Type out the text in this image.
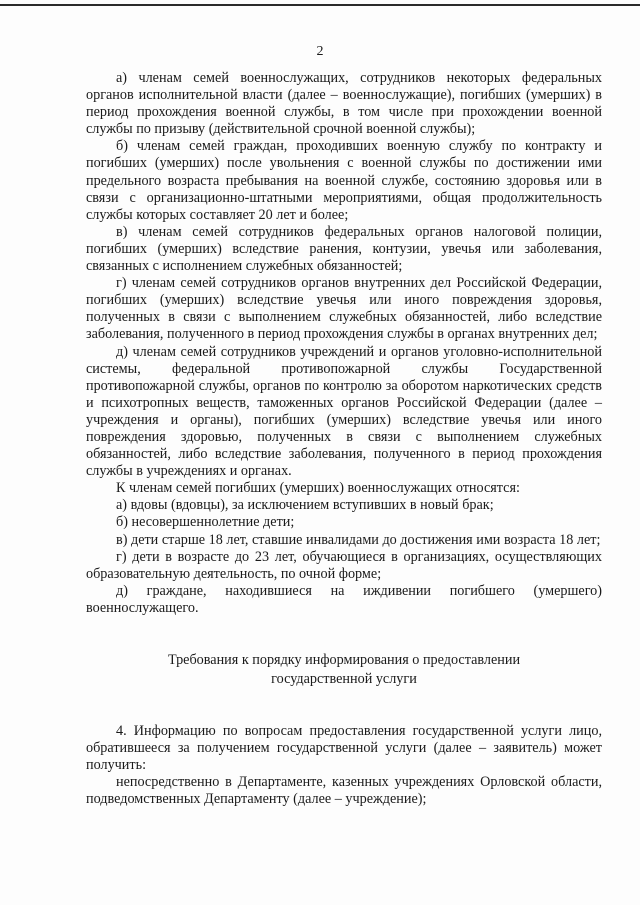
2

а) членам семей военнослужащих, сотрудников некоторых федеральных органов исполнительной власти (далее – военнослужащие), погибших (умерших) в период прохождения военной службы, в том числе при прохождении военной службы по призыву (действительной срочной военной службы);

б) членам семей граждан, проходивших военную службу по контракту и погибших (умерших) после увольнения с военной службы по достижении ими предельного возраста пребывания на военной службе, состоянию здоровья или в связи с организационно-штатными мероприятиями, общая продолжительность службы которых составляет 20 лет и более;

в) членам семей сотрудников федеральных органов налоговой полиции, погибших (умерших) вследствие ранения, контузии, увечья или заболевания, связанных с исполнением служебных обязанностей;

г) членам семей сотрудников органов внутренних дел Российской Федерации, погибших (умерших) вследствие увечья или иного повреждения здоровья, полученных в связи с выполнением служебных обязанностей, либо вследствие заболевания, полученного в период прохождения службы в органах внутренних дел;

д) членам семей сотрудников учреждений и органов уголовно-исполнительной системы, федеральной противопожарной службы Государственной противопожарной службы, органов по контролю за оборотом наркотических средств и психотропных веществ, таможенных органов Российской Федерации (далее – учреждения и органы), погибших (умерших) вследствие увечья или иного повреждения здоровью, полученных в связи с выполнением служебных обязанностей, либо вследствие заболевания, полученного в период прохождения службы в учреждениях и органах.

К членам семей погибших (умерших) военнослужащих относятся:

а) вдовы (вдовцы), за исключением вступивших в новый брак;

б) несовершеннолетние дети;

в) дети старше 18 лет, ставшие инвалидами до достижения ими возраста 18 лет;

г) дети в возрасте до 23 лет, обучающиеся в организациях, осуществляющих образовательную деятельность, по очной форме;

д) граждане, находившиеся на иждивении погибшего (умершего) военнослужащего.

Требования к порядку информирования о предоставлении
государственной услуги

4. Информацию по вопросам предоставления государственной услуги лицо, обратившееся за получением государственной услуги (далее – заявитель) может получить:

непосредственно в Департаменте, казенных учреждениях Орловской области, подведомственных Департаменту (далее – учреждение);
